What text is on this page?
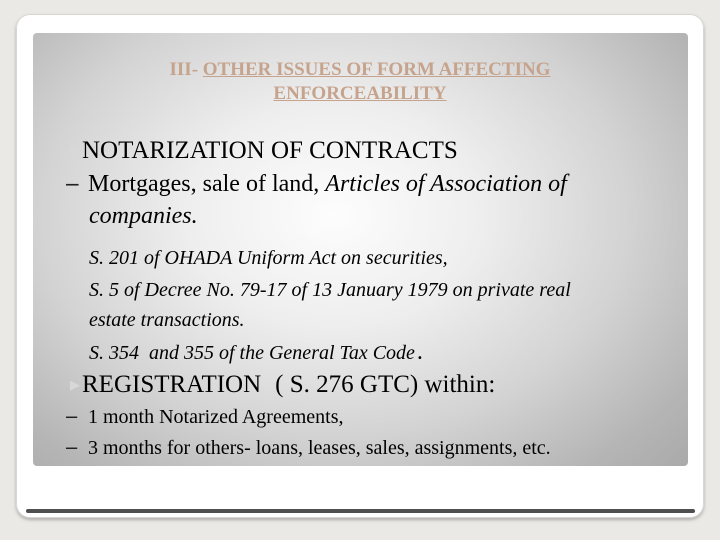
III- OTHER ISSUES OF FORM AFFECTING
ENFORCEABILITY
▶ NOTARIZATION OF CONTRACTS
− Mortgages, sale of land, Articles of Association of
companies.
S. 201 of OHADA Uniform Act on securities,
S. 5 of Decree No. 79-17 of 13 January 1979 on private real
estate transactions.
S. 354  and 355 of the General Tax Code .
▶ REGISTRATION ( S. 276 GTC) within:
− 1 month Notarized Agreements,
− 3 months for others- loans, leases, sales, assignments, etc.
